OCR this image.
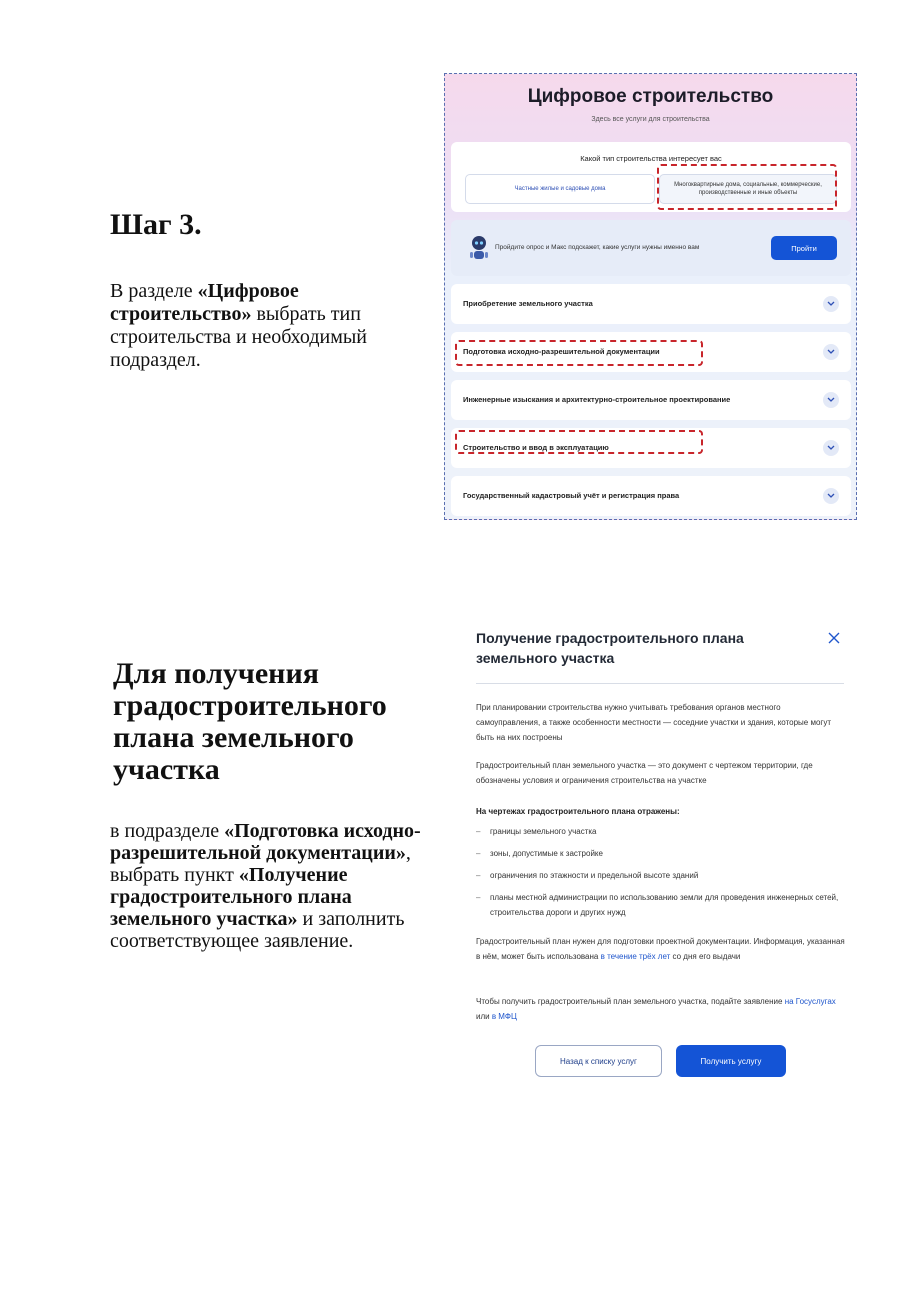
Шаг 3.

В разделе «Цифровое строительство» выбрать тип строительства и необходимый подраздел.

Цифровое строительство
Здесь все услуги для строительства
Какой тип строительства интересует вас
Частные жилые и садовые дома
Многоквартирные дома, социальные, коммерческие, производственные и иные объекты
Пройдите опрос и Макс подскажет, какие услуги нужны именно вам	Пройти
Приобретение земельного участка
Подготовка исходно-разрешительной документации
Инженерные изыскания и архитектурно-строительное проектирование
Строительство и ввод в эксплуатацию
Государственный кадастровый учёт и регистрация права
Для получения градостроительного плана земельного участка

в подразделе «Подготовка исходно-разрешительной документации», выбрать пункт «Получение градостроительного плана земельного участка» и заполнить соответствующее заявление.

Получение градостроительного плана земельного участка
При планировании строительства нужно учитывать требования органов местного самоуправления, а также особенности местности — соседние участки и здания, которые могут быть на них построены
Градостроительный план земельного участка — это документ с чертежом территории, где обозначены условия и ограничения строительства на участке
На чертежах градостроительного плана отражены:
– границы земельного участка
– зоны, допустимые к застройке
– ограничения по этажности и предельной высоте зданий
– планы местной администрации по использованию земли для проведения инженерных сетей, строительства дороги и других нужд
Градостроительный план нужен для подготовки проектной документации. Информация, указанная в нём, может быть использована в течение трёх лет со дня его выдачи
Чтобы получить градостроительный план земельного участка, подайте заявление на Госуслугах или в МФЦ
Назад к списку услуг	Получить услугу
